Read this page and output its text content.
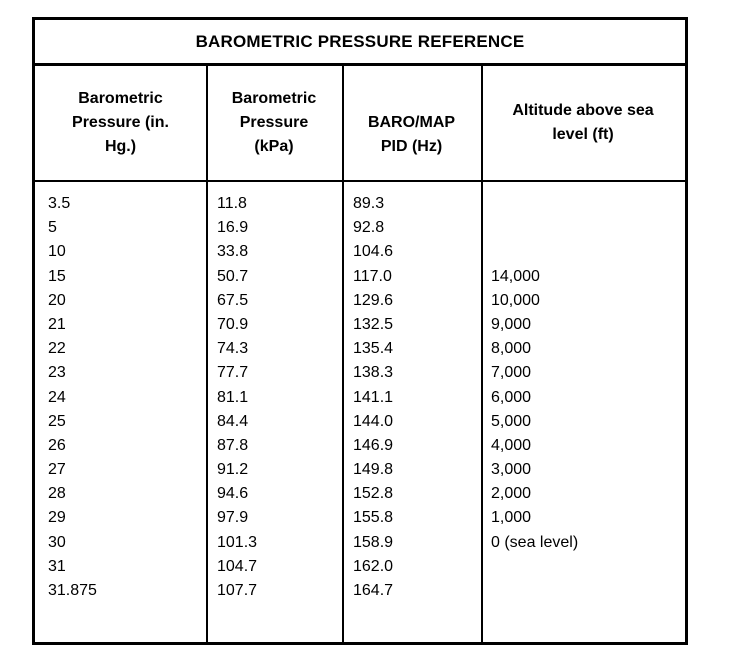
BAROMETRIC PRESSURE REFERENCE
Barometric
Pressure (in.
Hg.)
Barometric
Pressure
(kPa)
BARO/MAP
PID (Hz)
Altitude above sea
level (ft)
3.5
5
10
15
20
21
22
23
24
25
26
27
28
29
30
31
31.875
11.8
16.9
33.8
50.7
67.5
70.9
74.3
77.7
81.1
84.4
87.8
91.2
94.6
97.9
101.3
104.7
107.7
89.3
92.8
104.6
117.0
129.6
132.5
135.4
138.3
141.1
144.0
146.9
149.8
152.8
155.8
158.9
162.0
164.7
14,000
10,000
9,000
8,000
7,000
6,000
5,000
4,000
3,000
2,000
1,000
0 (sea level)
